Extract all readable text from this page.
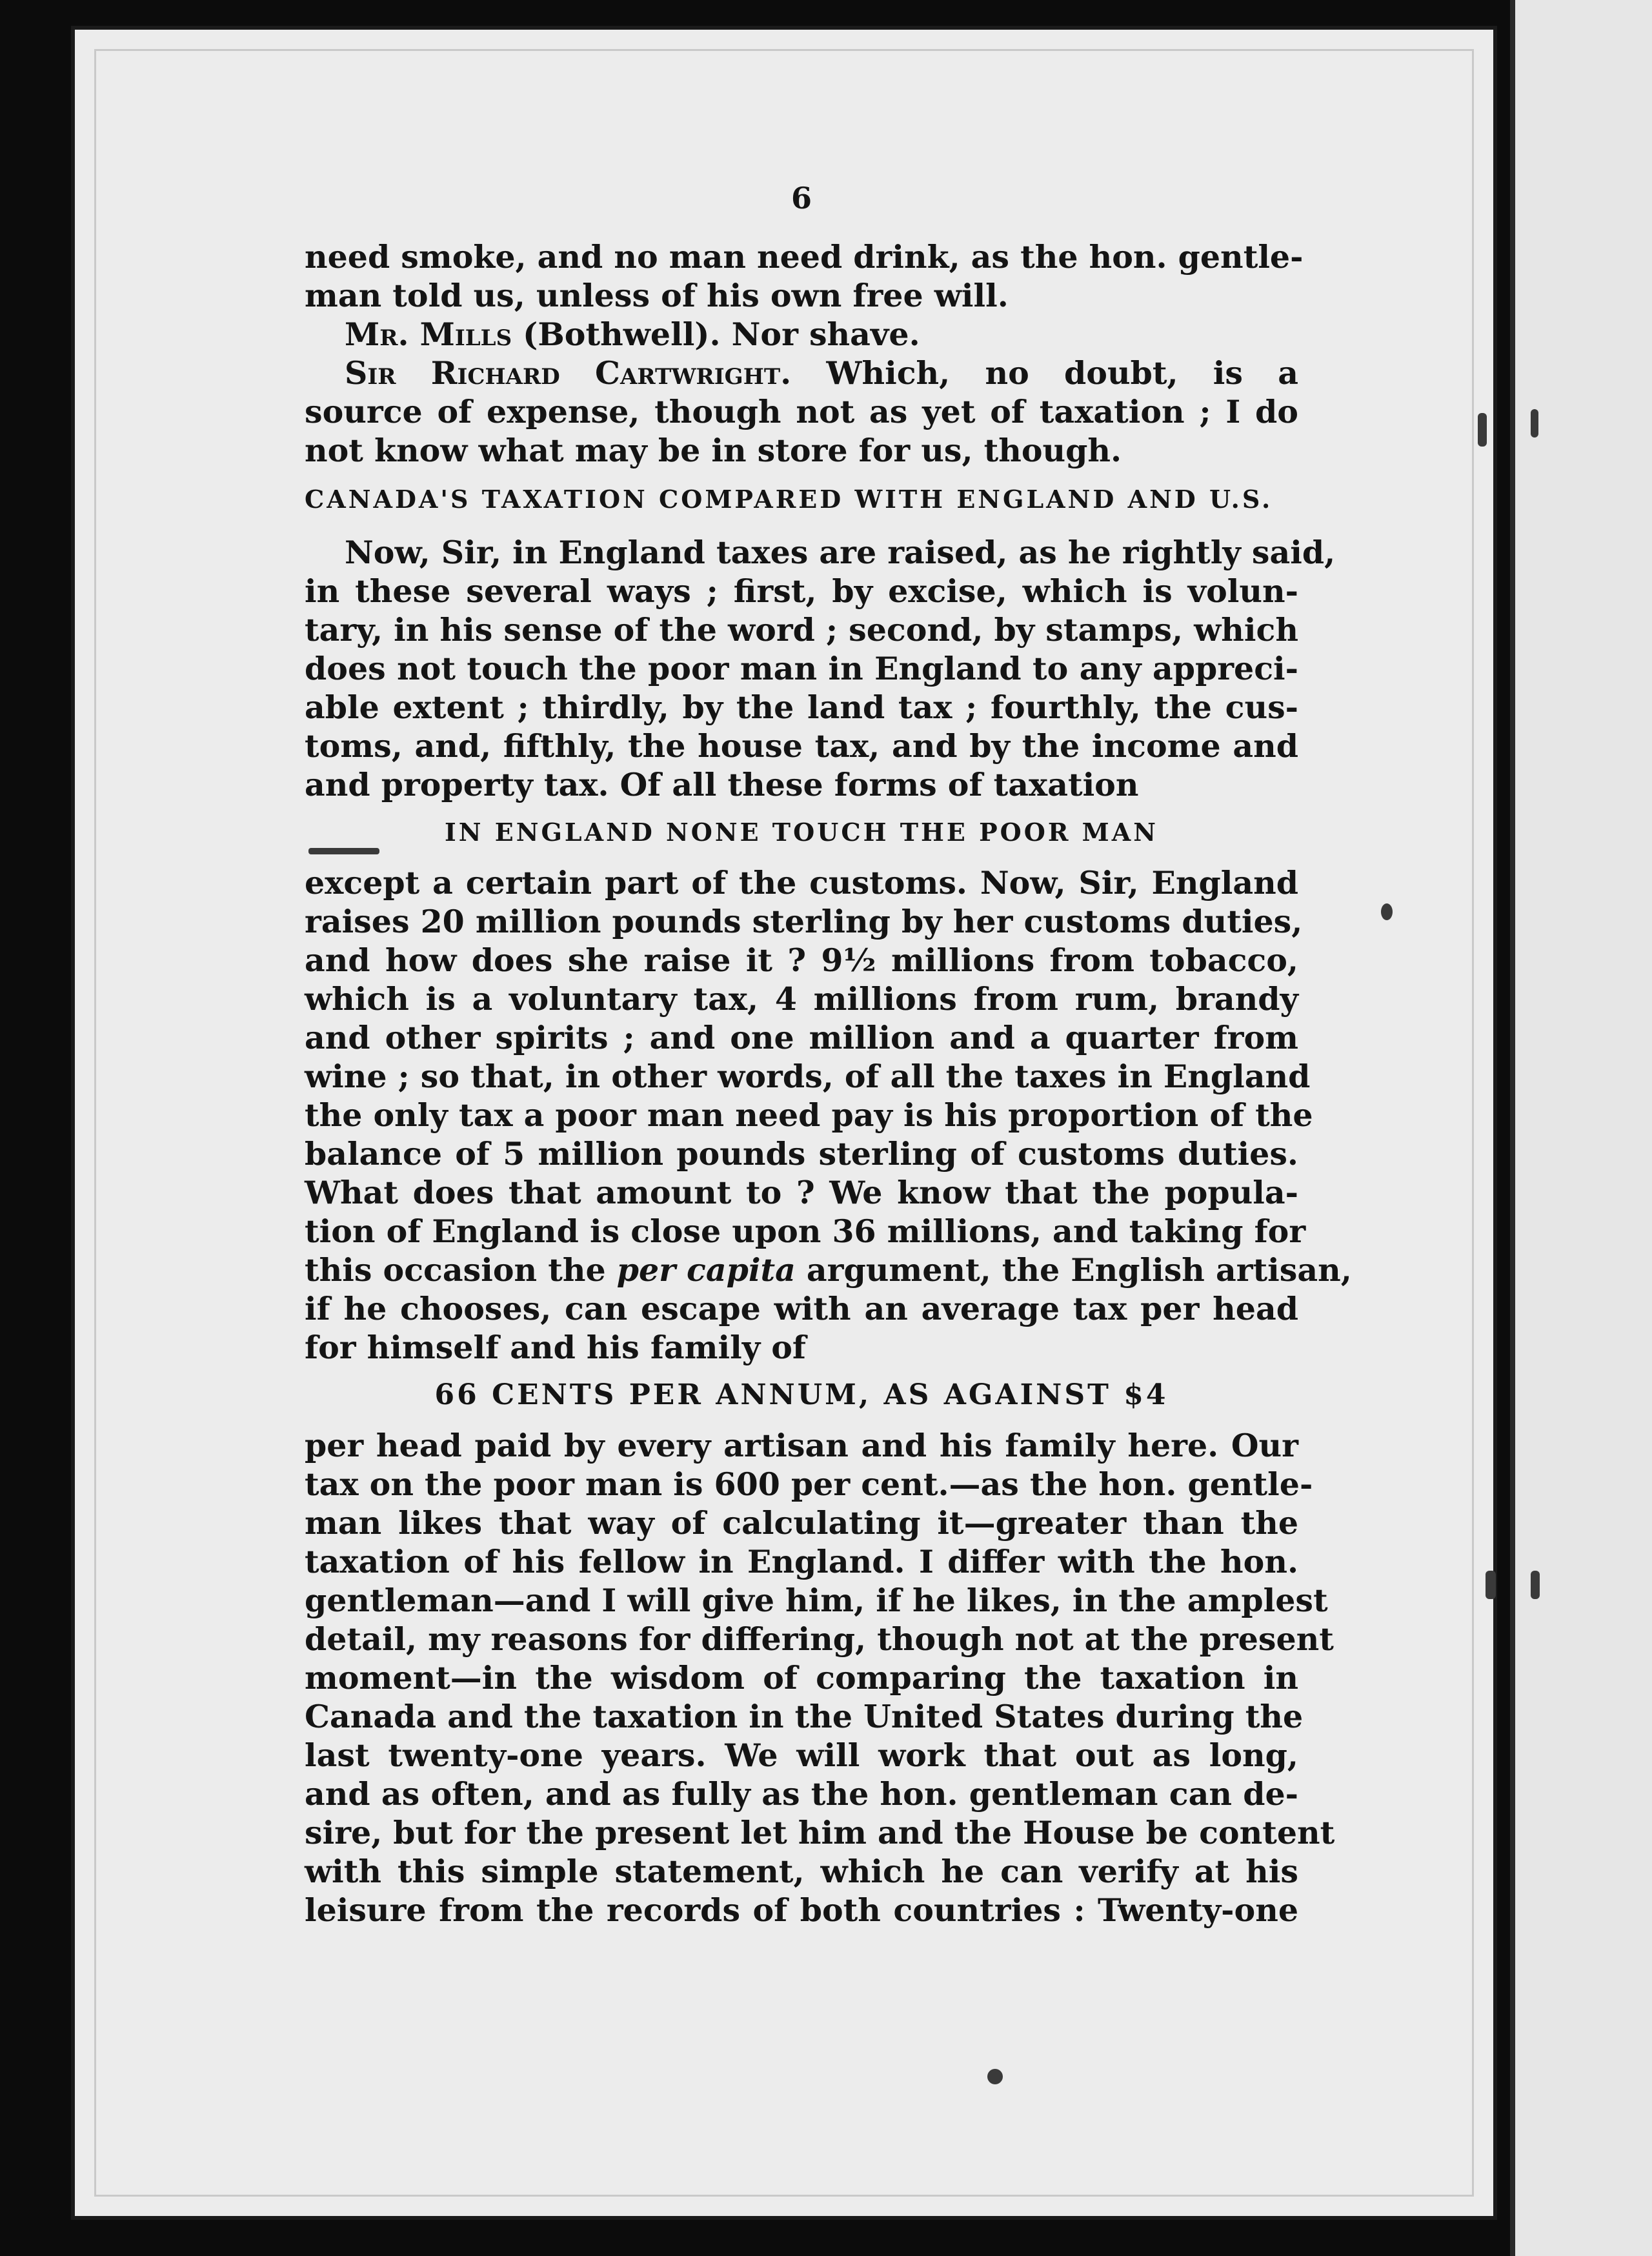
6
need smoke, and no man need drink, as the hon. gentle-
man told us, unless of his own free will.
Mr. Mills (Bothwell). Nor shave.
Sir Richard Cartwright. Which, no doubt, is a
source of expense, though not as yet of taxation ; I do
not know what may be in store for us, though.
CANADA'S TAXATION COMPARED WITH ENGLAND AND U.S.
Now, Sir, in England taxes are raised, as he rightly said,
in these several ways ; first, by excise, which is volun-
tary, in his sense of the word ; second, by stamps, which
does not touch the poor man in England to any appreci-
able extent ; thirdly, by the land tax ; fourthly, the cus-
toms, and, fifthly, the house tax, and by the income and
and property tax. Of all these forms of taxation
IN ENGLAND NONE TOUCH THE POOR MAN
except a certain part of the customs. Now, Sir, England
raises 20 million pounds sterling by her customs duties,
and how does she raise it ? 9½ millions from tobacco,
which is a voluntary tax, 4 millions from rum, brandy
and other spirits ; and one million and a quarter from
wine ; so that, in other words, of all the taxes in England
the only tax a poor man need pay is his proportion of the
balance of 5 million pounds sterling of customs duties.
What does that amount to ? We know that the popula-
tion of England is close upon 36 millions, and taking for
this occasion the per capita argument, the English artisan,
if he chooses, can escape with an average tax per head
for himself and his family of
66 CENTS PER ANNUM, AS AGAINST $4
per head paid by every artisan and his family here. Our
tax on the poor man is 600 per cent.—as the hon. gentle-
man likes that way of calculating it—greater than the
taxation of his fellow in England. I differ with the hon.
gentleman—and I will give him, if he likes, in the amplest
detail, my reasons for differing, though not at the present
moment—in the wisdom of comparing the taxation in
Canada and the taxation in the United States during the
last twenty-one years. We will work that out as long,
and as often, and as fully as the hon. gentleman can de-
sire, but for the present let him and the House be content
with this simple statement, which he can verify at his
leisure from the records of both countries : Twenty-one
